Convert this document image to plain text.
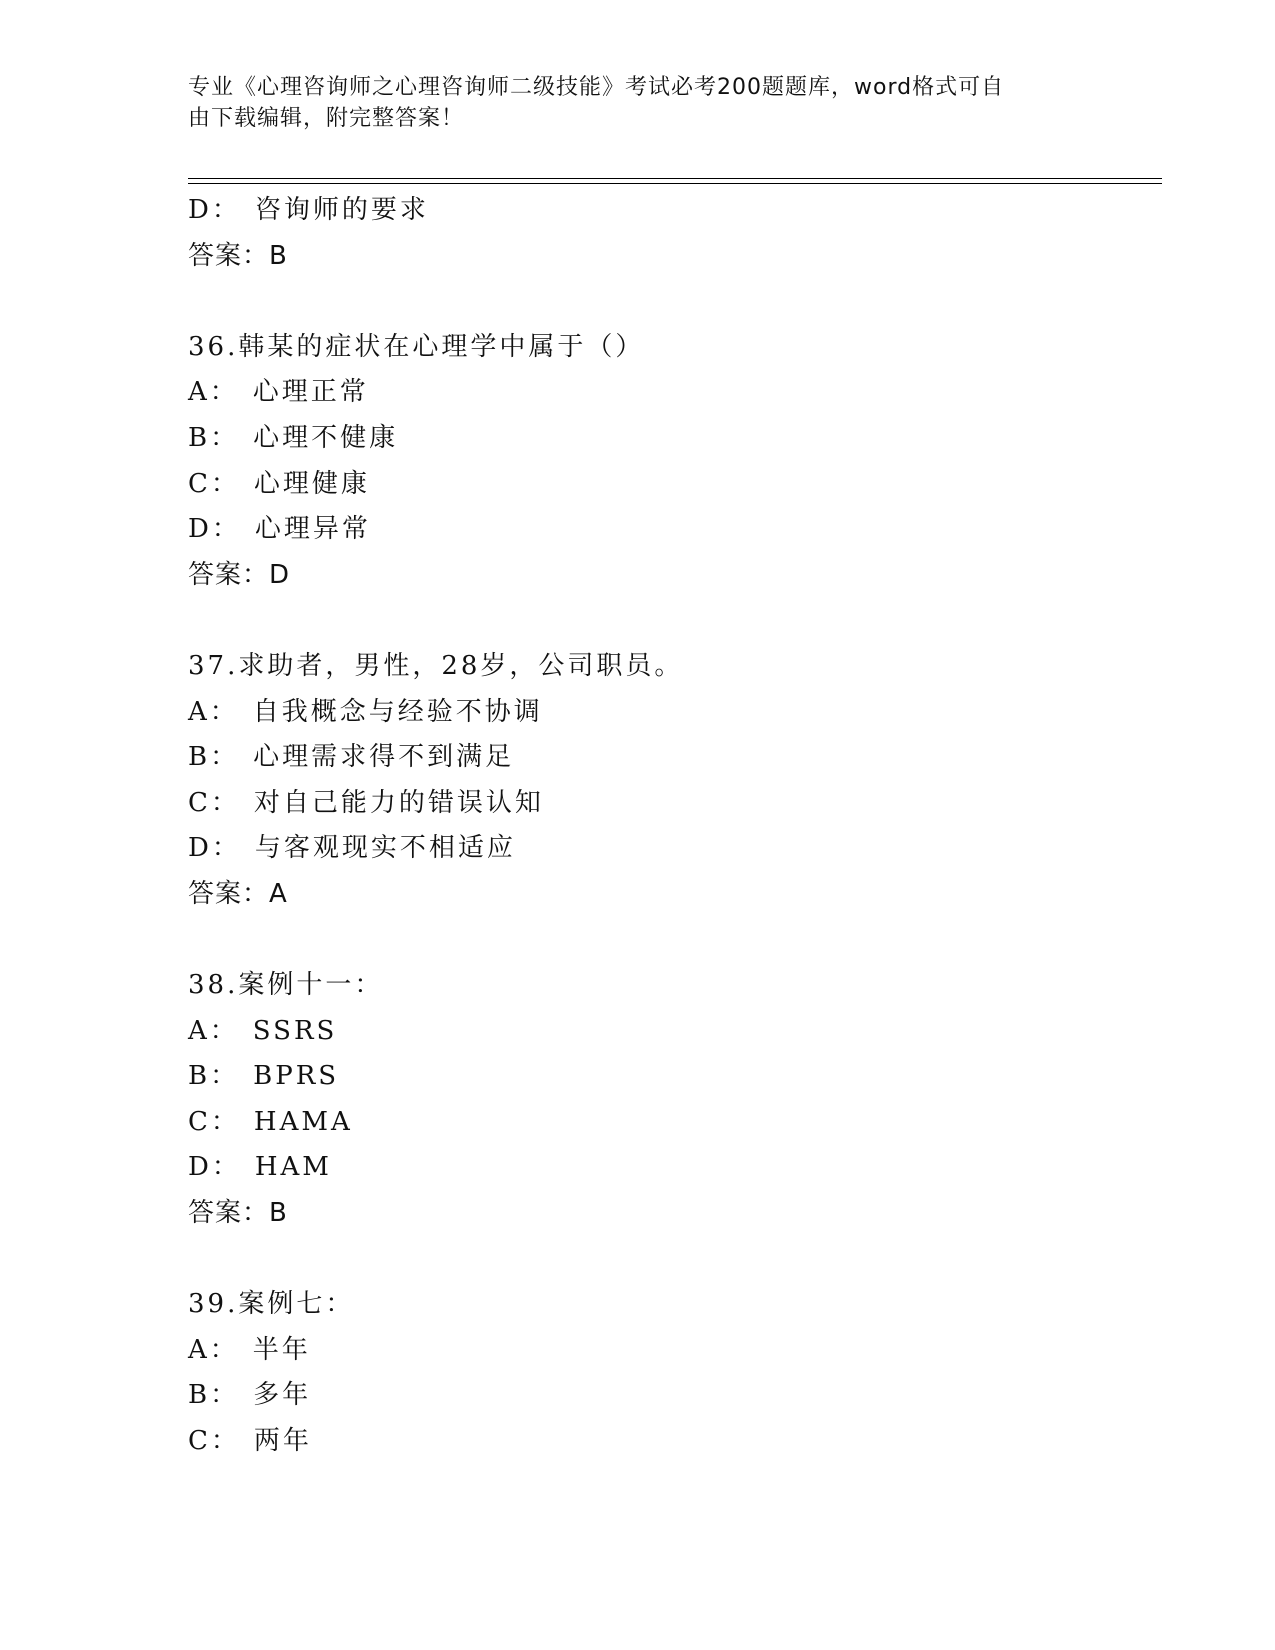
专业《心理咨询师之心理咨询师二级技能》考试必考200题题库，word格式可自
由下载编辑，附完整答案！
D： 咨询师的要求
答案：B
36.韩某的症状在心理学中属于（）
A： 心理正常
B： 心理不健康
C： 心理健康
D： 心理异常
答案：D
37.求助者，男性，28岁，公司职员。
A： 自我概念与经验不协调
B： 心理需求得不到满足
C： 对自己能力的错误认知
D： 与客观现实不相适应
答案：A
38.案例十一：
A： SSRS
B： BPRS
C： HAMA
D： HAM
答案：B
39.案例七：
A： 半年
B： 多年
C： 两年
